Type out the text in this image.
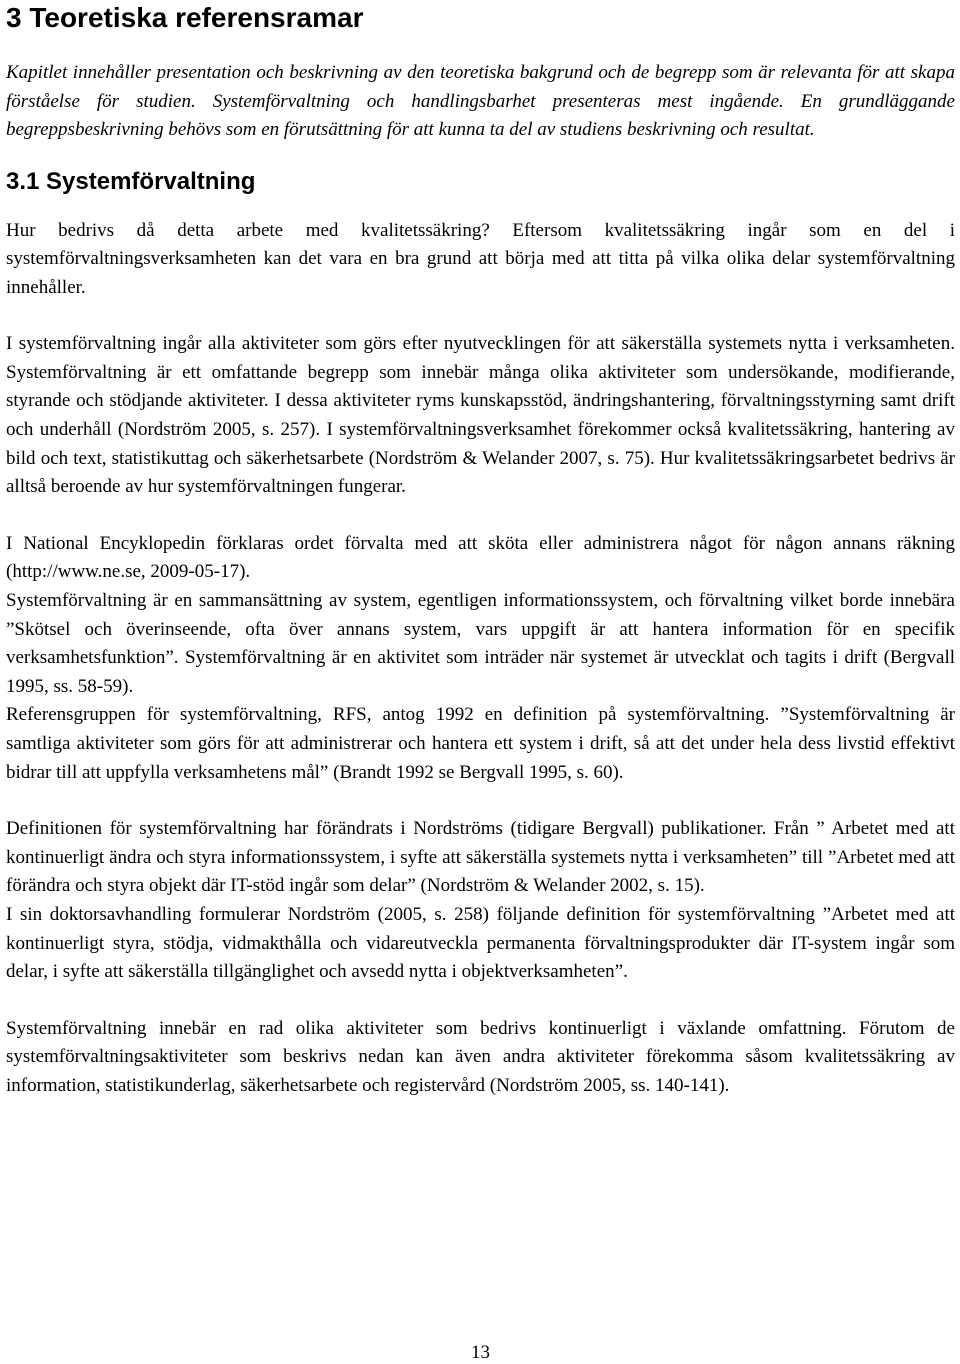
3 Teoretiska referensramar

Kapitlet innehåller presentation och beskrivning av den teoretiska bakgrund och de begrepp som är relevanta för att skapa förståelse för studien. Systemförvaltning och handlingsbarhet presenteras mest ingående. En grundläggande begreppsbeskrivning behövs som en förutsättning för att kunna ta del av studiens beskrivning och resultat.

3.1 Systemförvaltning

Hur bedrivs då detta arbete med kvalitetssäkring? Eftersom kvalitetssäkring ingår som en del i systemförvaltningsverksamheten kan det vara en bra grund att börja med att titta på vilka olika delar systemförvaltning innehåller.

I systemförvaltning ingår alla aktiviteter som görs efter nyutvecklingen för att säkerställa systemets nytta i verksamheten. Systemförvaltning är ett omfattande begrepp som innebär många olika aktiviteter som undersökande, modifierande, styrande och stödjande aktiviteter. I dessa aktiviteter ryms kunskapsstöd, ändringshantering, förvaltningsstyrning samt drift och underhåll (Nordström 2005, s. 257). I systemförvaltningsverksamhet förekommer också kvalitetssäkring, hantering av bild och text, statistikuttag och säkerhetsarbete (Nordström & Welander 2007, s. 75). Hur kvalitetssäkringsarbetet bedrivs är alltså beroende av hur systemförvaltningen fungerar.

I National Encyklopedin förklaras ordet förvalta med att sköta eller administrera något för någon annans räkning (http://www.ne.se, 2009-05-17).

Systemförvaltning är en sammansättning av system, egentligen informationssystem, och förvaltning vilket borde innebära ”Skötsel och överinseende, ofta över annans system, vars uppgift är att hantera information för en specifik verksamhetsfunktion”. Systemförvaltning är en aktivitet som inträder när systemet är utvecklat och tagits i drift (Bergvall 1995, ss. 58-59).

Referensgruppen för systemförvaltning, RFS, antog 1992 en definition på systemförvaltning. ”Systemförvaltning är samtliga aktiviteter som görs för att administrerar och hantera ett system i drift, så att det under hela dess livstid effektivt bidrar till att uppfylla verksamhetens mål” (Brandt 1992 se Bergvall 1995, s. 60).

Definitionen för systemförvaltning har förändrats i Nordströms (tidigare Bergvall) publikationer. Från ” Arbetet med att kontinuerligt ändra och styra informationssystem, i syfte att säkerställa systemets nytta i verksamheten” till ”Arbetet med att förändra och styra objekt där IT-stöd ingår som delar” (Nordström & Welander 2002, s. 15).

I sin doktorsavhandling formulerar Nordström (2005, s. 258) följande definition för systemförvaltning ”Arbetet med att kontinuerligt styra, stödja, vidmakthålla och vidareutveckla permanenta förvaltningsprodukter där IT-system ingår som delar, i syfte att säkerställa tillgänglighet och avsedd nytta i objektverksamheten”.

Systemförvaltning innebär en rad olika aktiviteter som bedrivs kontinuerligt i växlande omfattning. Förutom de systemförvaltningsaktiviteter som beskrivs nedan kan även andra aktiviteter förekomma såsom kvalitetssäkring av information, statistikunderlag, säkerhetsarbete och registervård (Nordström 2005, ss. 140-141).

13
